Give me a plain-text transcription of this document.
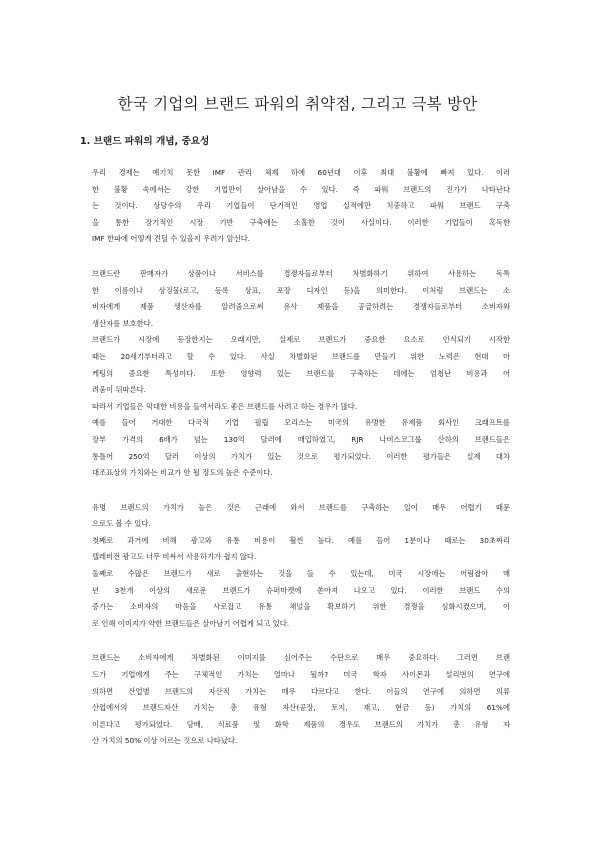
한국 기업의 브랜드 파워의 취약점, 그리고 극복 방안
1. 브랜드 파워의 개념, 중요성
우리 경제는 예기치 못한 IMF 관리 체제 하에 60년대 이후 최대 불황에 빠져 있다. 이러
한 불황 속에서는 강한 기업만이 살아남을 수 있다. 즉 파워 브랜드의 진가가 나타난다
는 것이다. 상당수의 우리 기업들이 단기적인 영업 실적에만 치중하고 파워 브랜드 구축
을 통한 장기적인 시장 기반 구축에는 소홀한 것이 사실이다. 이러한 기업들이 혹독한
IMF 한파에 어떻게 견딜 수 있을지 우려가 앞선다.
브랜드란 판매자가 상품이나 서비스를 경쟁자들로부터 차별화하기 위하여 사용하는 독특
한 이름이나 상징물(로고, 등록 상표, 포장 디자인 등)을 의미한다. 이처럼 브랜드는 소
비자에게 제품 생산자를 알려줌으로써 유사 제품을 공급하려는 경쟁자들로부터 소비자와
생산자를 보호한다.
브랜드가 시장에 등장한지는 오래지만, 실제로 브랜드가 중요한 요소로 인식되기 시작한
때는 20세기부터라고 할 수 있다. 사실 차별화된 브랜드를 만들기 위한 노력은 현대 마
케팅의 중요한 특성이다. 또한 영향력 있는 브랜드를 구축하는 데에는 엄청난 비용과 어
려움이 뒤따른다.
따라서 기업들은 막대한 비용을 들여서라도 좋은 브랜드를 사려고 하는 경우가 많다.
예를 들어 거대한 다국적 기업 필립 모리스는 미국의 유명한 유제품 회사인 크래프트를
장부 가격의 6배가 넘는 130억 달러에 매입하였고, RJR 나비스코그룹 산하의 브랜드들은
통틀어 250억 달러 이상의 가치가 있는 것으로 평가되었다. 이러한 평가들은 실제 대차
대조표상의 가치와는 비교가 안 될 정도의 높은 수준이다.
유명 브랜드의 가치가 높은 것은 근래에 와서 브랜드를 구축하는 일이 매우 어렵기 때문
으로도 볼 수 있다.
첫째로 과거에 비해 광고와 유통 비용이 훨씬 높다. 예를 들어 1분이나 때로는 30초짜리
텔레비전 광고도 너무 비싸서 사용하기가 쉽지 않다.
둘째로 수많은 브랜드가 새로 출현하는 것을 들 수 있는데, 미국 시장에는 어림잡아 매
년 3천개 이상의 새로운 브랜드가 슈퍼마켓에 쏟아져 나오고 있다. 이러한 브랜드 수의
증가는 소비자의 마음을 사로잡고 유통 채널을 확보하기 위한 경쟁을 심화시켰으며, 이
로 인해 이미지가 약한 브랜드들은 살아남기 어렵게 되고 있다.
브랜드는 소비자에게 차별화된 이미지를 심어주는 수단으로 매우 중요하다. 그러면 브랜
드가 기업에게 주는 구체적인 가치는 얼마나 될까? 미국 학자 사이몬과 설리번의 연구에
의하면 산업별 브랜드의 자산적 가치는 매우 다르다고 한다. 이들의 연구에 의하면 의류
산업에서의 브랜드자산 가치는 총 유형 자산(공장, 토지, 재고, 현금 등) 가치의 61%에
이른다고 평가되었다. 담배, 식료품 및 화학 제품의 경우도 브랜드의 가치가 총 유형 자
산 가치의 50% 이상 이르는 것으로 나타났다.
